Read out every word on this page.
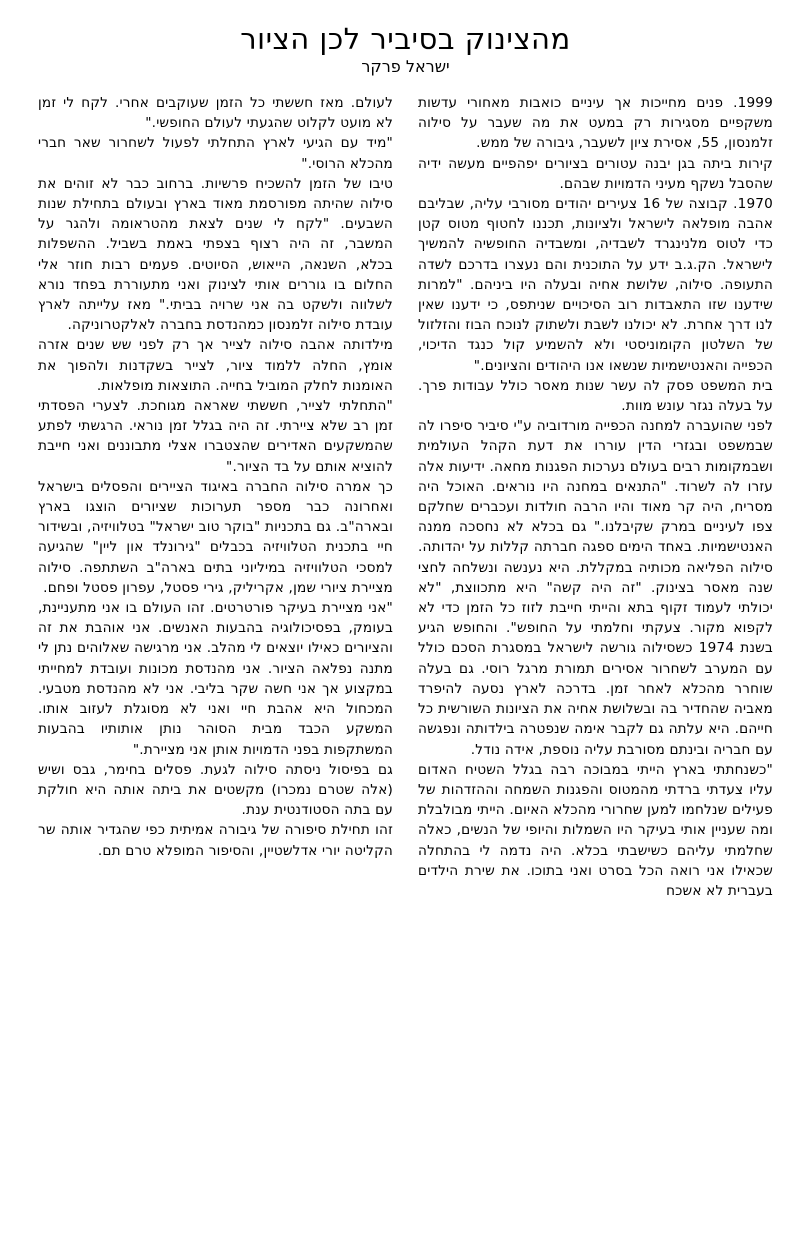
מהצינוק בסיביר לכן הציור
ישראל פרקר

1999. פנים מחייכות אך עיניים כואבות מאחורי עדשות משקפיים מסגירות רק במעט את מה שעבר על סילוה זלמנסון, 55, אסירת ציון לשעבר, גיבורה של ממש.

קירות ביתה בגן יבנה עטורים בציורים יפהפיים מעשה ידיה שהסבל נשקף מעיני הדמויות שבהם.

1970. קבוצה של 16 צעירים יהודים מסורבי עליה, שבליבם אהבה מופלאה לישראל ולציונות, תכננו לחטוף מטוס קטן כדי לטוס מלנינגרד לשבדיה, ומשבדיה החופשיה להמשיך לישראל. הק.ג.ב ידע על התוכנית והם נעצרו בדרכם לשדה התעופה. סילוה, שלושת אחיה ובעלה היו ביניהם. "למרות שידענו שזו התאבדות רוב הסיכויים שניתפס, כי ידענו שאין לנו דרך אחרת. לא יכולנו לשבת ולשתוק לנוכח הבוז והזלזול של השלטון הקומוניסטי ולא להשמיע קול כנגד הדיכוי, הכפייה והאנטישמיות שנשאו אנו היהודים והציונים."

בית המשפט פסק לה עשר שנות מאסר כולל עבודות פרך. על בעלה נגזר עונש מוות.

לפני שהועברה למחנה הכפייה מורדוביה ע"י סיביר סיפרו לה שבמשפט ובגזרי הדין עוררו את דעת הקהל העולמית ושבמקומות רבים בעולם נערכות הפגנות מחאה. ידיעות אלה עזרו לה לשרוד. "התנאים במחנה היו נוראים. האוכל היה מסריח, היה קר מאוד והיו הרבה חולדות ועכברים שחלקם צפו לעיניים במרק שקיבלנו." גם בכלא לא נחסכה ממנה האנטישמיות. באחד הימים ספגה חברתה קללות על יהדותה. סילוה הפליאה מכותיה במקללת. היא נענשה ונשלחה לחצי שנה מאסר בצינוק. "זה היה קשה" היא מתכווצת, "לא יכולתי לעמוד זקוף בתא והייתי חייבת לזוז כל הזמן כדי לא לקפוא מקור. צעקתי וחלמתי על החופש". והחופש הגיע בשנת 1974 כשסילוה גורשה לישראל במסגרת הסכם כולל עם המערב לשחרור אסירים תמורת מרגל רוסי. גם בעלה שוחרר מהכלא לאחר זמן. בדרכה לארץ נסעה להיפרד מאביה שהחדיר בה ובשלושת אחיה את הציונות השורשית כל חייהם. היא עלתה גם לקבר אימה שנפטרה בילדותה ונפגשה עם חבריה ובינתם מסורבת עליה נוספת, אידה נודל.

"כשנחתתי בארץ הייתי במבוכה רבה בגלל השטיח האדום עליו צעדתי ברדתי מהמטוס והפגנות השמחה וההזדהות של פעילים שנלחמו למען שחרורי מהכלא האיום. הייתי מבולבלת ומה שעניין אותי בעיקר היו השמלות והיופי של הנשים, כאלה שחלמתי עליהם כשישבתי בכלא. היה נדמה לי בהתחלה שכאילו אני רואה הכל בסרט ואני בתוכו. את שירת הילדים בעברית לא אשכח

לעולם. מאז חששתי כל הזמן שעוקבים אחרי. לקח לי זמן לא מועט לקלוט שהגעתי לעולם החופשי."

"מיד עם הגיעי לארץ התחלתי לפעול לשחרור שאר חברי מהכלא הרוסי."

טיבו של הזמן להשכיח פרשיות. ברחוב כבר לא זוהים את סילוה שהיתה מפורסמת מאוד בארץ ובעולם בתחילת שנות השבעים. "לקח לי שנים לצאת מהטראומה ולהגר על המשבר, זה היה רצוף בצפתי באמת בשביל. ההשפלות בכלא, השנאה, הייאוש, הסיוטים. פעמים רבות חוזר אלי החלום בו גוררים אותי לצינוק ואני מתעוררת בפחד נורא לשלווה ולשקט בה אני שרויה בביתי." מאז עלייתה לארץ עובדת סילוה זלמנסון כמהנדסת בחברה לאלקטרוניקה.

מילדותה אהבה סילוה לצייר אך רק לפני שש שנים אזרה אומץ, החלה ללמוד ציור, לצייר בשקדנות ולהפוך את האומנות לחלק המוביל בחייה. התוצאות מופלאות.

"התחלתי לצייר, חששתי שאראה מגוחכת. לצערי הפסדתי זמן רב שלא ציירתי. זה היה בגלל זמן נוראי. הרגשתי לפתע שהמשקעים האדירים שהצטברו אצלי מתבוננים ואני חייבת להוציא אותם על בד הציור."

כך אמרה סילוה החברה באיגוד הציירים והפסלים בישראל ואחרונה כבר מספר תערוכות שציורים הוצגו בארץ ובארה"ב. גם בתכניות "בוקר טוב ישראל" בטלוויזיה, ובשידור חיי בתכנית הטלוויזיה בכבלים "גירונלד און ליין" שהגיעה למסכי הטלוויזיה במיליוני בתים בארה"ב השתתפה. סילוה מציירת ציורי שמן, אקריליק, גירי פסטל, עפרון פסטל ופחם.

"אני מציירת בעיקר פורטרטים. זהו העולם בו אני מתעניינת, בעומק, בפסיכולוגיה בהבעות האנשים. אני אוהבת את זה והציורים כאילו יוצאים לי מהלב. אני מרגישה שאלוהים נתן לי מתנה נפלאה הציור. אני מהנדסת מכונות ועובדת למחייתי במקצוע אך אני חשה שקר בליבי. אני לא מהנדסת מטבעי. המכחול היא אהבת חיי ואני לא מסוגלת לעזוב אותו. המשקע הכבד מבית הסוהר נותן אותותיו בהבעות המשתקפות בפני הדמויות אותן אני מציירת."

גם בפיסול ניסתה סילוה לגעת. פסלים בחימר, גבס ושיש (אלה שטרם נמכרו) מקשטים את ביתה אותה היא חולקת עם בתה הסטודנטית ענת.

זהו תחילת סיפורה של גיבורה אמיתית כפי שהגדיר אותה שר הקליטה יורי אדלשטיין, והסיפור המופלא טרם תם.
